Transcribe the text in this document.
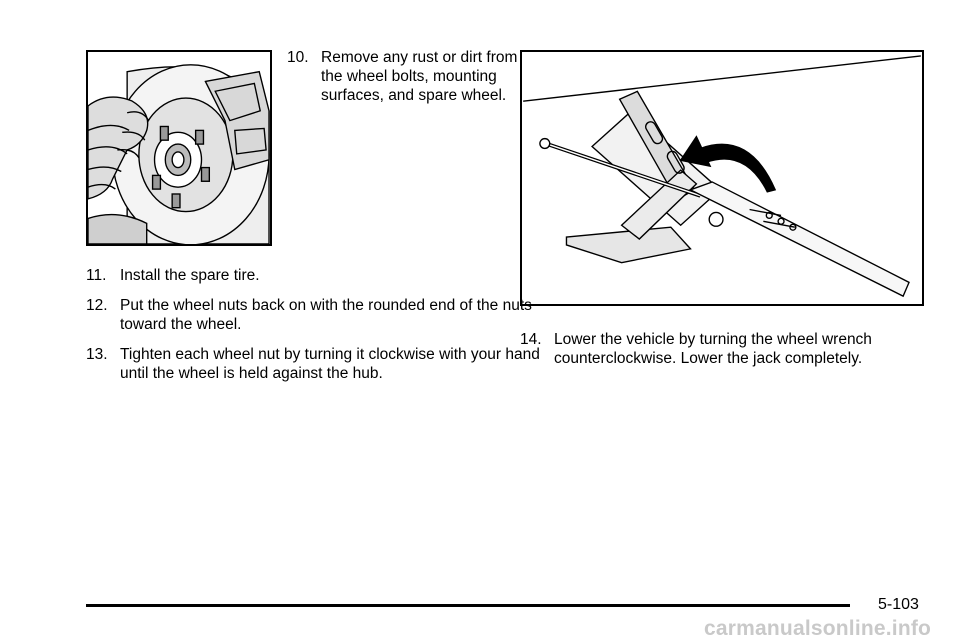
10. Remove any rust or dirt from the wheel bolts, mounting surfaces, and spare wheel.

11. Install the spare tire.

12. Put the wheel nuts back on with the rounded end of the nuts toward the wheel.

13. Tighten each wheel nut by turning it clockwise with your hand until the wheel is held against the hub.

14. Lower the vehicle by turning the wheel wrench counterclockwise. Lower the jack completely.

5-103
carmanualsonline.info
